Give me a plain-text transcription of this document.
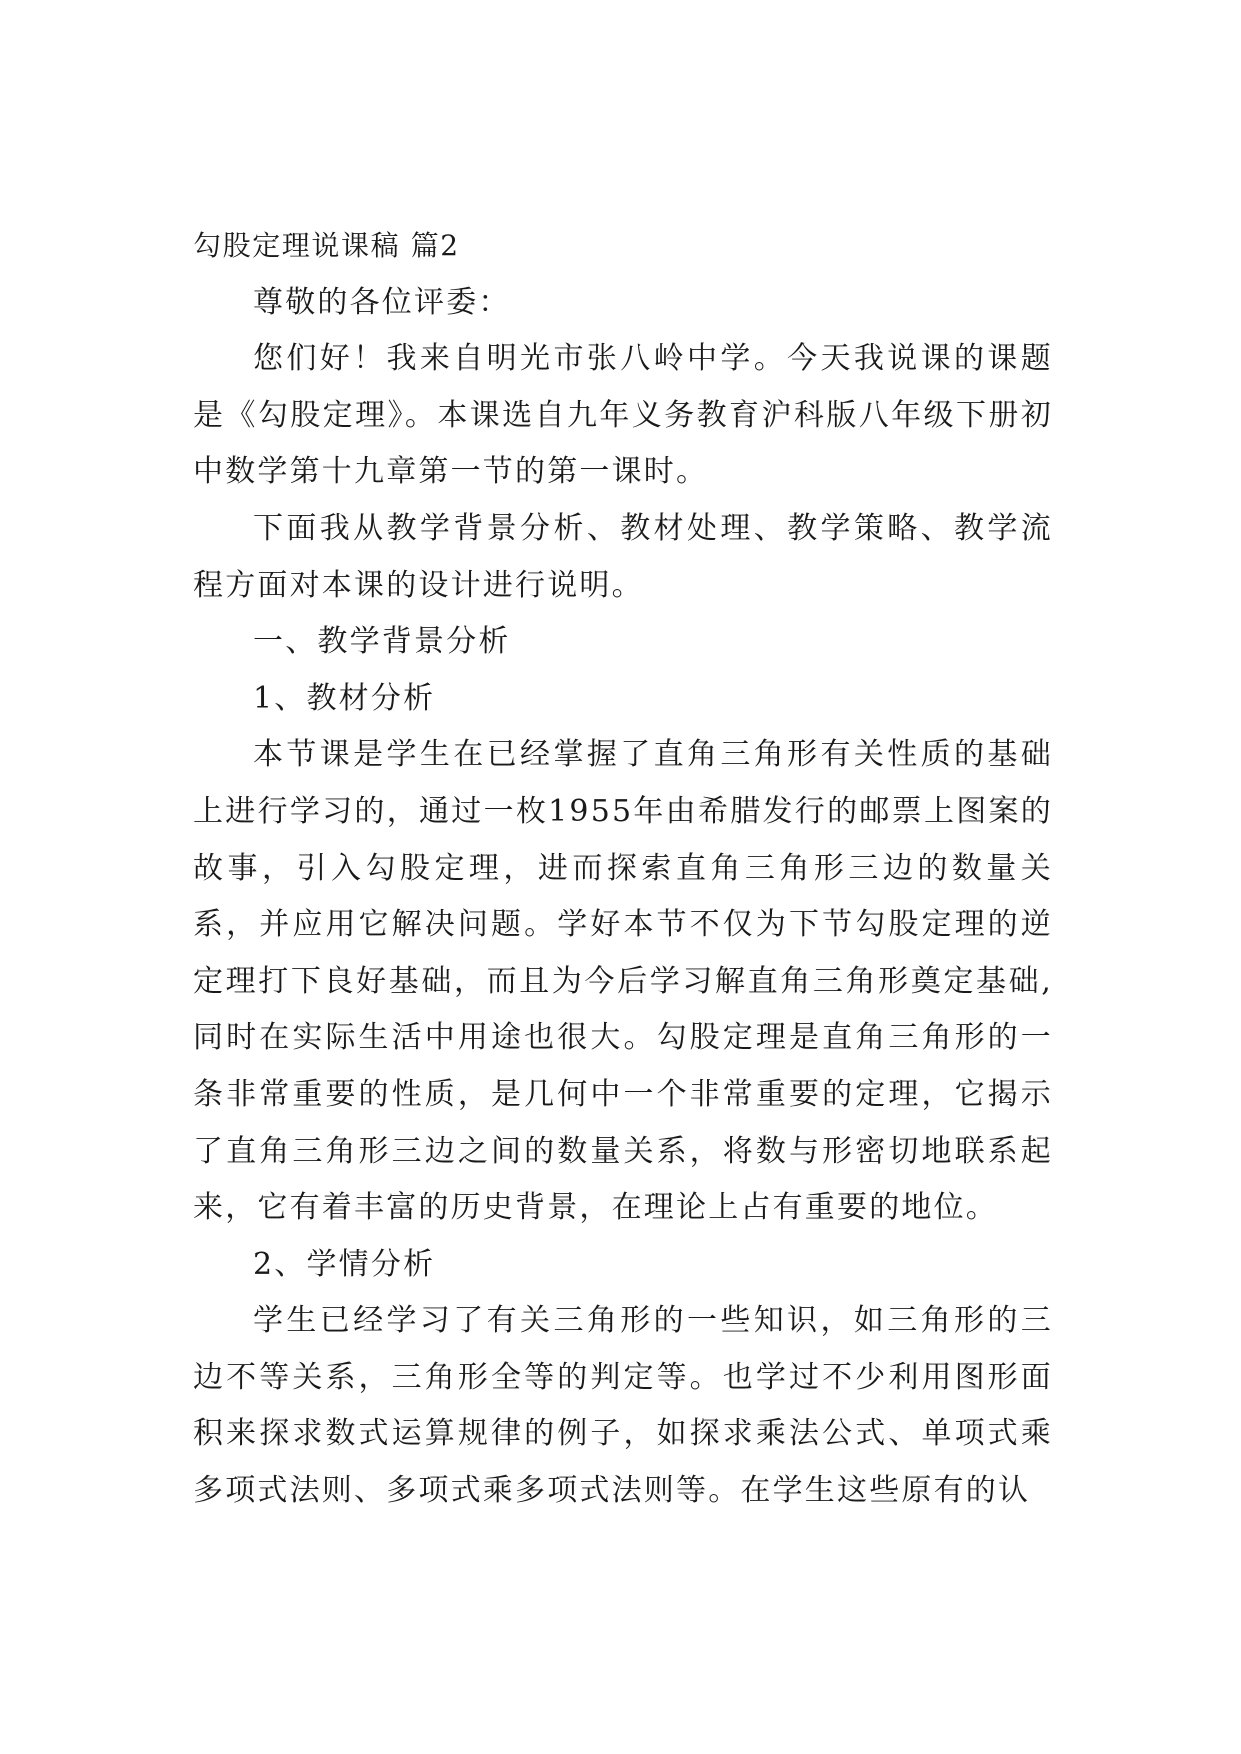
勾股定理说课稿 篇2

尊敬的各位评委：

您们好！我来自明光市张八岭中学。今天我说课的课题是《勾股定理》。本课选自九年义务教育沪科版八年级下册初中数学第十九章第一节的第一课时。

下面我从教学背景分析、教材处理、教学策略、教学流程方面对本课的设计进行说明。

一、教学背景分析

1、教材分析

本节课是学生在已经掌握了直角三角形有关性质的基础上进行学习的，通过一枚1955年由希腊发行的邮票上图案的故事，引入勾股定理，进而探索直角三角形三边的数量关系，并应用它解决问题。学好本节不仅为下节勾股定理的逆定理打下良好基础，而且为今后学习解直角三角形奠定基础,同时在实际生活中用途也很大。勾股定理是直角三角形的一条非常重要的性质，是几何中一个非常重要的定理，它揭示了直角三角形三边之间的数量关系，将数与形密切地联系起来，它有着丰富的历史背景，在理论上占有重要的地位。

2、学情分析

学生已经学习了有关三角形的一些知识，如三角形的三边不等关系，三角形全等的判定等。也学过不少利用图形面积来探求数式运算规律的例子，如探求乘法公式、单项式乘多项式法则、多项式乘多项式法则等。在学生这些原有的认
